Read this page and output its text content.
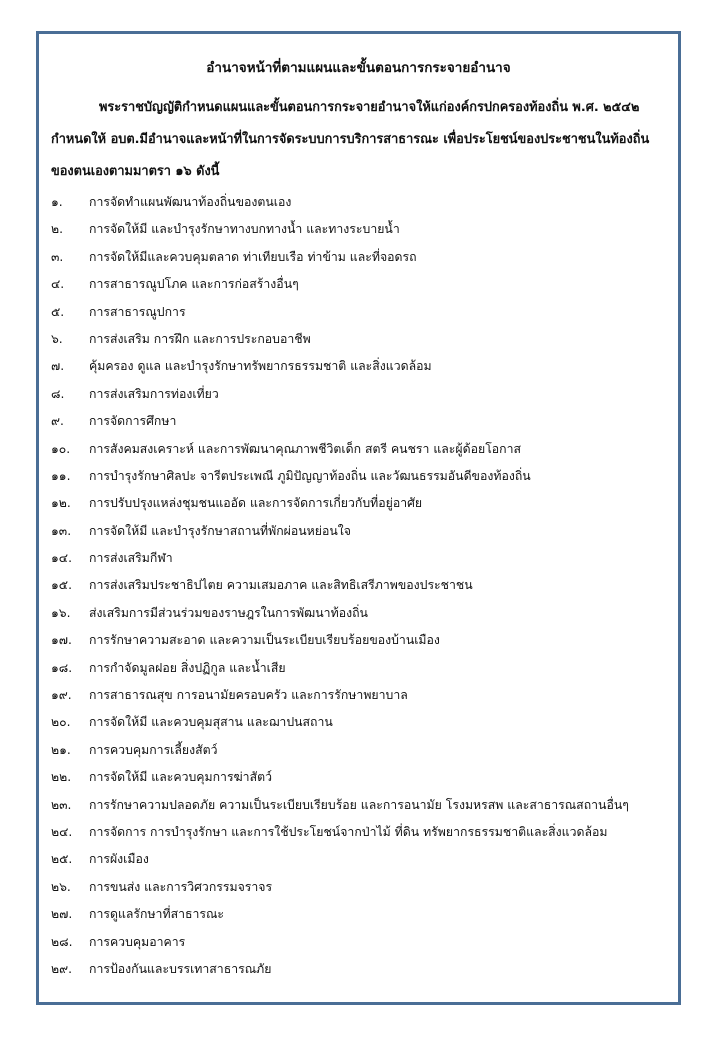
อำนาจหน้าที่ตามแผนและขั้นตอนการกระจายอำนาจ
พระราชบัญญัติกำหนดแผนและขั้นตอนการกระจายอำนาจให้แก่องค์กรปกครองท้องถิ่น พ.ศ. ๒๕๔๒
กำหนดให้ อบต.มีอำนาจและหน้าที่ในการจัดระบบการบริการสาธารณะ เพื่อประโยชน์ของประชาชนในท้องถิ่น
ของตนเองตามมาตรา ๑๖ ดังนี้
๑.	การจัดทำแผนพัฒนาท้องถิ่นของตนเอง
๒.	การจัดให้มี และบำรุงรักษาทางบกทางน้ำ และทางระบายน้ำ
๓.	การจัดให้มีและควบคุมตลาด ท่าเทียบเรือ ท่าข้าม และที่จอดรถ
๔.	การสาธารณูปโภค และการก่อสร้างอื่นๆ
๕.	การสาธารณูปการ
๖.	การส่งเสริม การฝึก และการประกอบอาชีพ
๗.	คุ้มครอง ดูแล และบำรุงรักษาทรัพยากรธรรมชาติ และสิ่งแวดล้อม
๘.	การส่งเสริมการท่องเที่ยว
๙.	การจัดการศึกษา
๑๐.	การสังคมสงเคราะห์ และการพัฒนาคุณภาพชีวิตเด็ก สตรี คนชรา และผู้ด้อยโอกาส
๑๑.	การบำรุงรักษาศิลปะ จารีตประเพณี ภูมิปัญญาท้องถิ่น และวัฒนธรรมอันดีของท้องถิ่น
๑๒.	การปรับปรุงแหล่งชุมชนแออัด และการจัดการเกี่ยวกับที่อยู่อาศัย
๑๓.	การจัดให้มี และบำรุงรักษาสถานที่พักผ่อนหย่อนใจ
๑๔.	การส่งเสริมกีฬา
๑๕.	การส่งเสริมประชาธิปไตย ความเสมอภาค และสิทธิเสรีภาพของประชาชน
๑๖.	ส่งเสริมการมีส่วนร่วมของราษฎรในการพัฒนาท้องถิ่น
๑๗.	การรักษาความสะอาด และความเป็นระเบียบเรียบร้อยของบ้านเมือง
๑๘.	การกำจัดมูลฝอย สิ่งปฏิกูล และน้ำเสีย
๑๙.	การสาธารณสุข การอนามัยครอบครัว และการรักษาพยาบาล
๒๐.	การจัดให้มี และควบคุมสุสาน และฌาปนสถาน
๒๑.	การควบคุมการเลี้ยงสัตว์
๒๒.	การจัดให้มี และควบคุมการฆ่าสัตว์
๒๓.	การรักษาความปลอดภัย ความเป็นระเบียบเรียบร้อย และการอนามัย โรงมหรสพ และสาธารณสถานอื่นๆ
๒๔.	การจัดการ การบำรุงรักษา และการใช้ประโยชน์จากป่าไม้ ที่ดิน ทรัพยากรธรรมชาติและสิ่งแวดล้อม
๒๕.	การผังเมือง
๒๖.	การขนส่ง และการวิศวกรรมจราจร
๒๗.	การดูแลรักษาที่สาธารณะ
๒๘.	การควบคุมอาคาร
๒๙.	การป้องกันและบรรเทาสาธารณภัย
